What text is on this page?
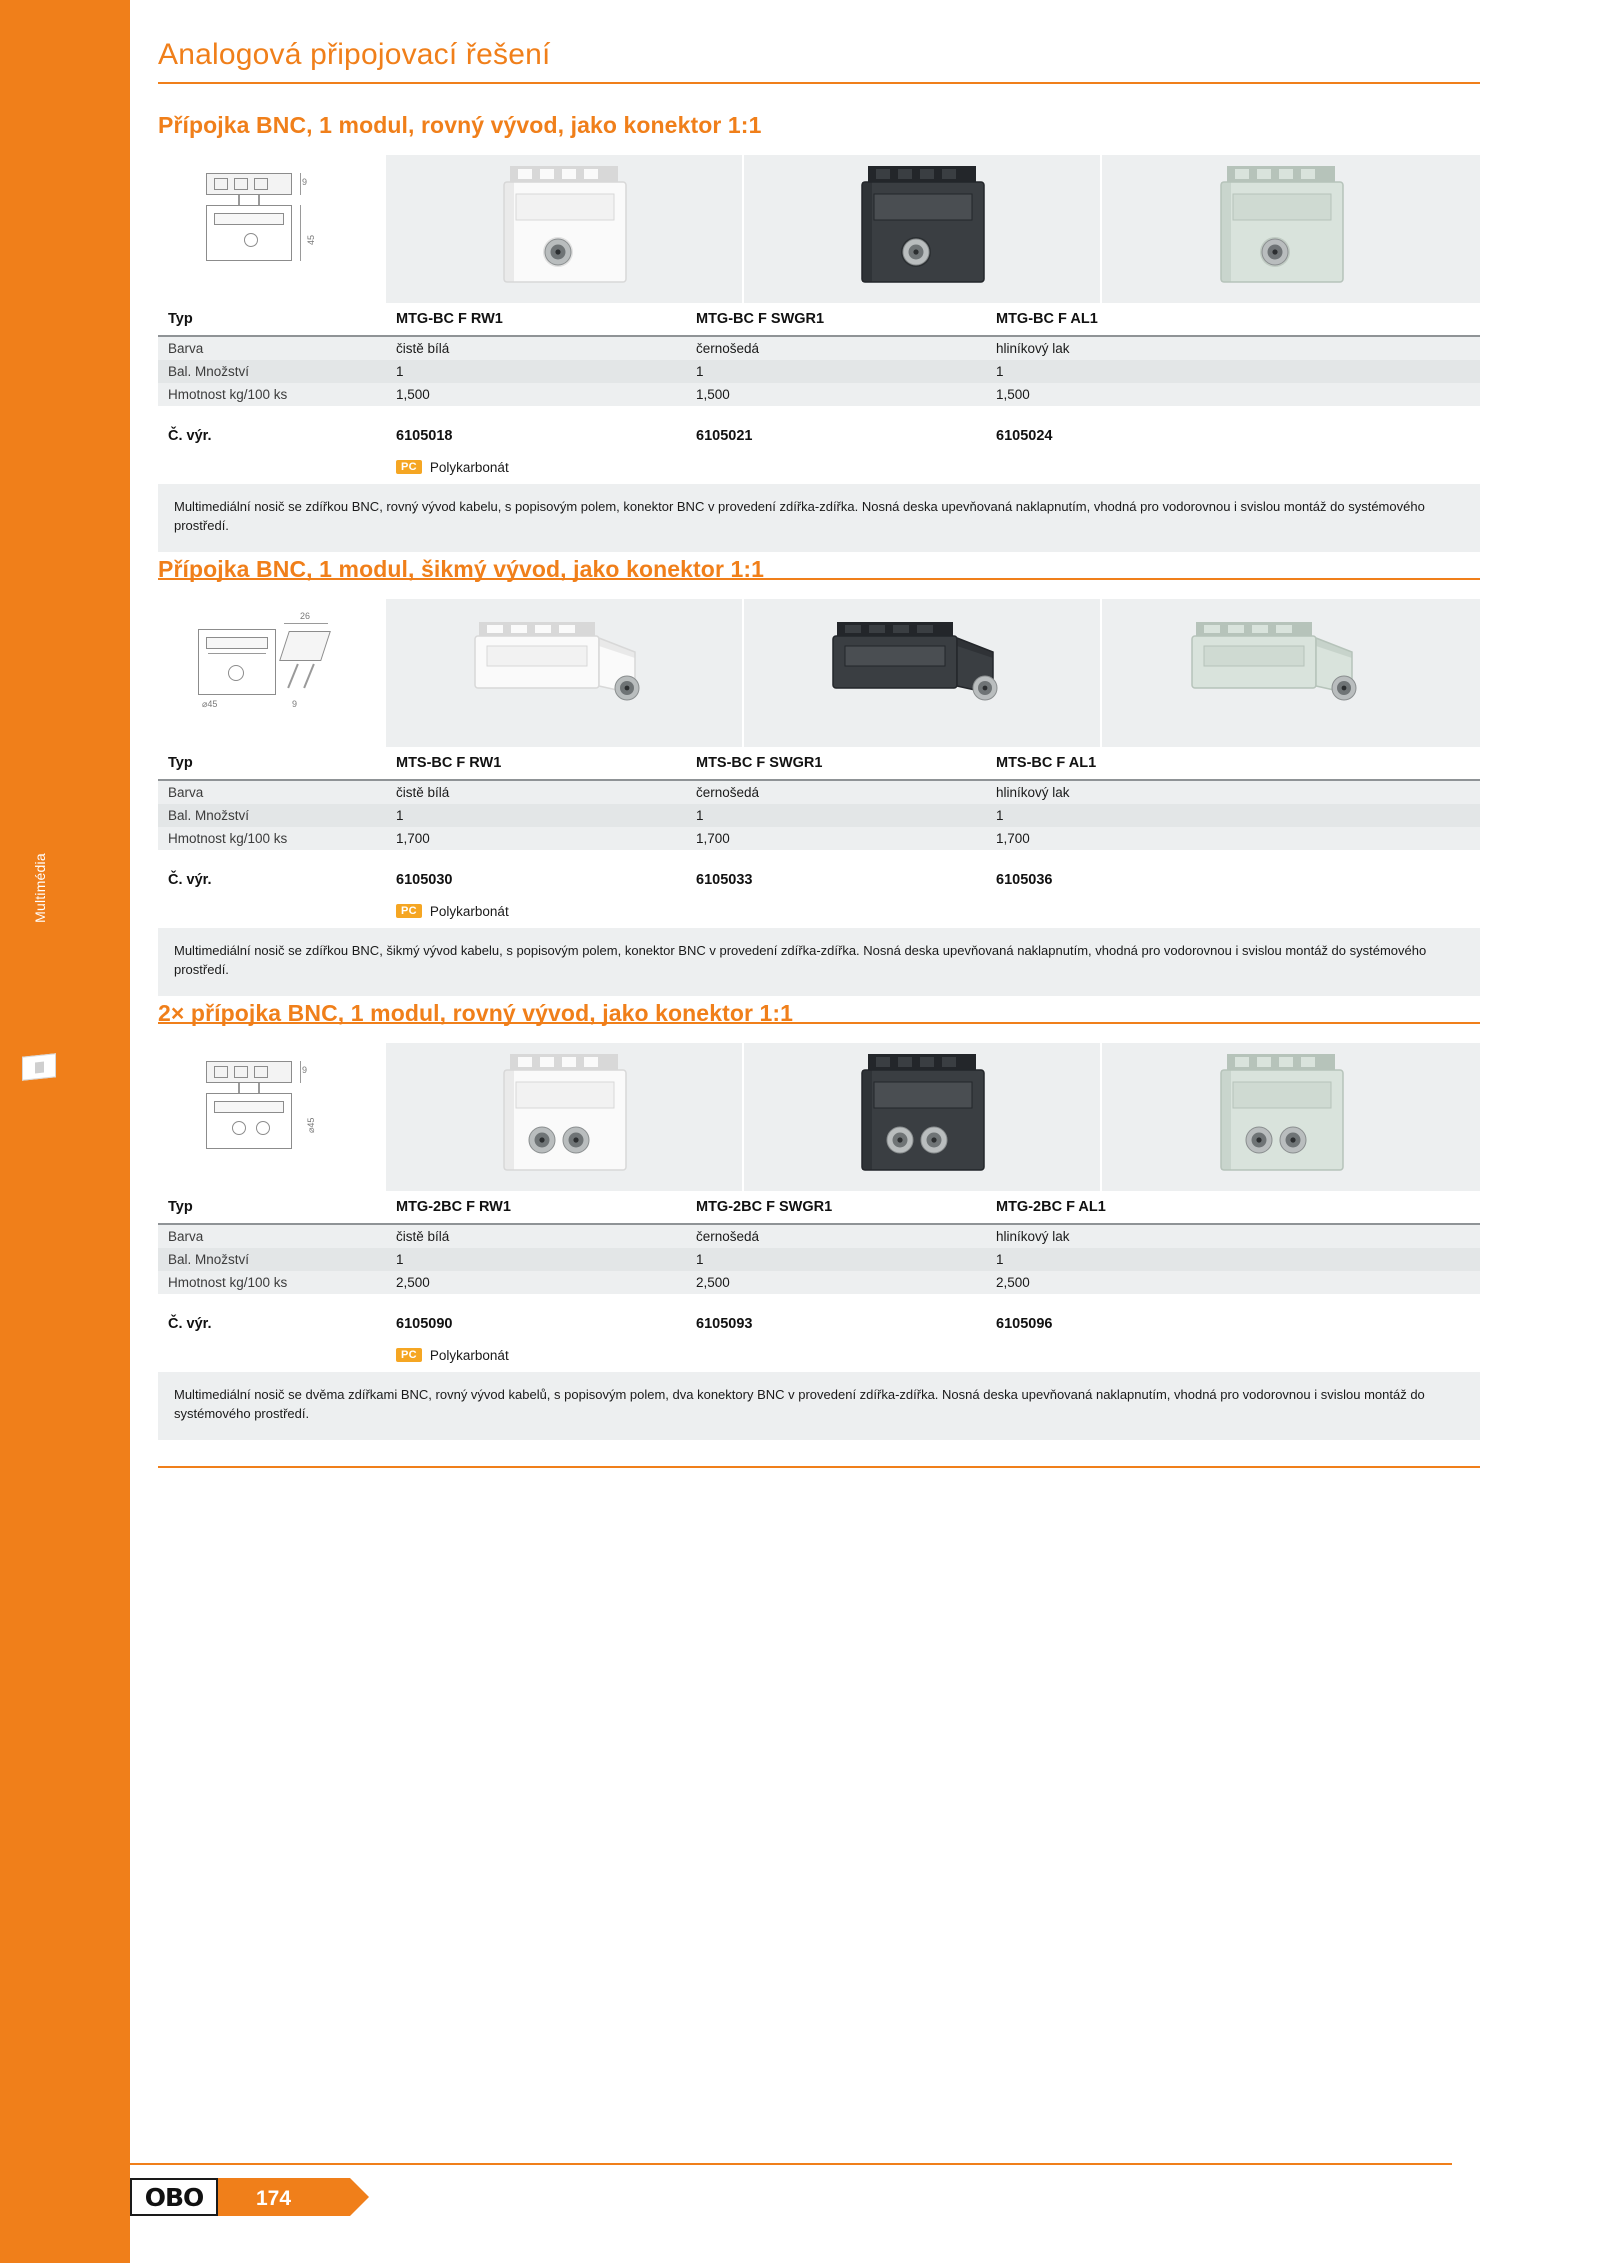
Multimédia
Analogová připojovací řešení
Přípojka BNC, 1 modul, rovný vývod, jako konektor 1:1
9
45
Typ	MTG-BC F RW1	MTG-BC F SWGR1	MTG-BC F AL1
Barva	čistě bílá	černošedá	hliníkový lak
Bal. Množství	1	1	1
Hmotnost kg/100 ks	1,500	1,500	1,500
Č. výr.	6105018	6105021	6105024
PC Polykarbonát
Multimediální nosič se zdířkou BNC, rovný vývod kabelu, s popisovým polem, konektor BNC v provedení zdířka-zdířka. Nosná deska upevňovaná naklapnutím, vhodná pro vodorovnou i svislou montáž do systémového prostředí.
Přípojka BNC, 1 modul, šikmý vývod, jako konektor 1:1
26
⌀45	9
Typ	MTS-BC F RW1	MTS-BC F SWGR1	MTS-BC F AL1
Barva	čistě bílá	černošedá	hliníkový lak
Bal. Množství	1	1	1
Hmotnost kg/100 ks	1,700	1,700	1,700
Č. výr.	6105030	6105033	6105036
PC Polykarbonát
Multimediální nosič se zdířkou BNC, šikmý vývod kabelu, s popisovým polem, konektor BNC v provedení zdířka-zdířka. Nosná deska upevňovaná naklapnutím, vhodná pro vodorovnou i svislou montáž do systémového prostředí.
2× přípojka BNC, 1 modul, rovný vývod, jako konektor 1:1
9
⌀45
Typ	MTG-2BC F RW1	MTG-2BC F SWGR1	MTG-2BC F AL1
Barva	čistě bílá	černošedá	hliníkový lak
Bal. Množství	1	1	1
Hmotnost kg/100 ks	2,500	2,500	2,500
Č. výr.	6105090	6105093	6105096
PC Polykarbonát
Multimediální nosič se dvěma zdířkami BNC, rovný vývod kabelů, s popisovým polem, dva konektory BNC v provedení zdířka-zdířka. Nosná deska upevňovaná naklapnutím, vhodná pro vodorovnou i svislou montáž do systémového prostředí.
OBO	174
